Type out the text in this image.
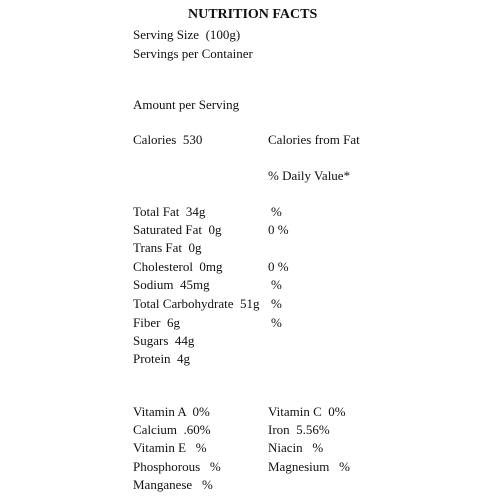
NUTRITION FACTS
Serving Size  (100g)
Servings per Container
Amount per Serving
Calories  530	Calories from Fat
% Daily Value*
Total Fat  34g	%
Saturated Fat  0g	0 %
Trans Fat  0g
Cholesterol  0mg	0 %
Sodium  45mg	%
Total Carbohydrate  51g %
Fiber  6g	%
Sugars  44g
Protein  4g
Vitamin A  0%	Vitamin C  0%
Calcium  .60%	Iron  5.56%
Vitamin E   %	Niacin   %
Phosphorous   %	Magnesium   %
Manganese   %
